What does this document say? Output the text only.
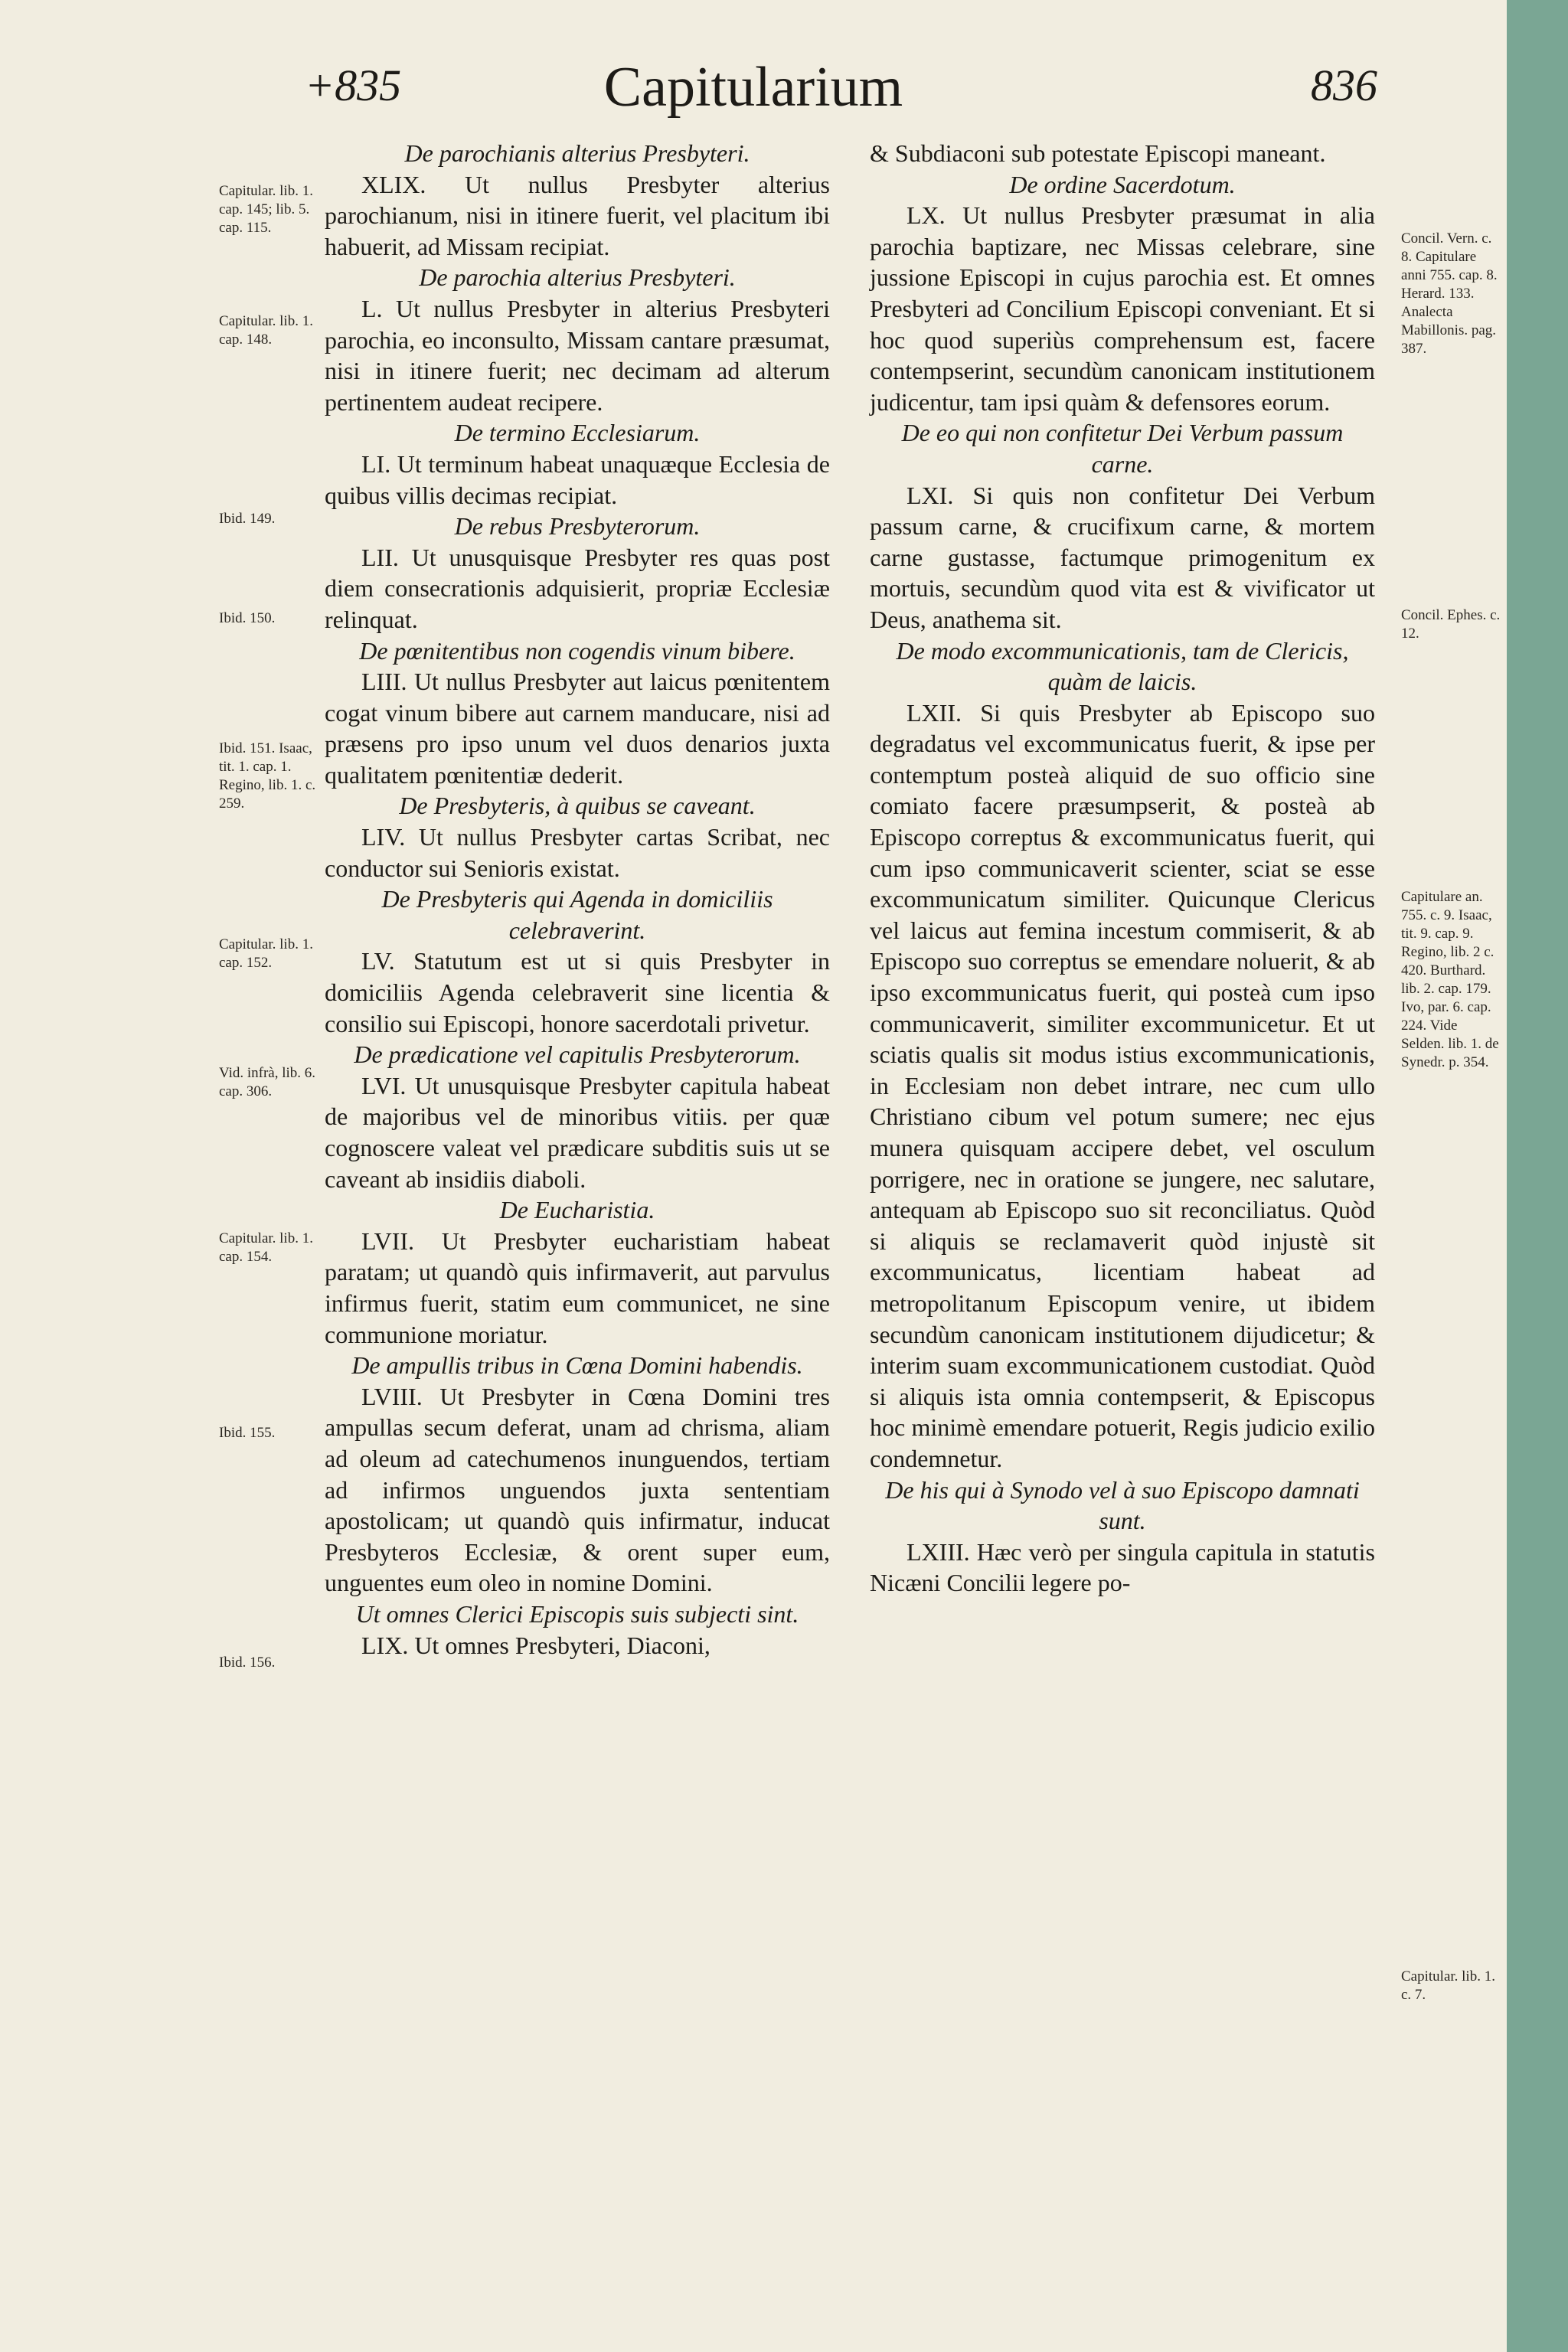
+835	Capitularium	836
De parochianis alterius Presbyteri.

XLIX. Ut nullus Presbyter alterius parochianum, nisi in itinere fuerit, vel placitum ibi habuerit, ad Missam recipiat.

De parochia alterius Presbyteri.

L. Ut nullus Presbyter in alterius Presbyteri parochia, eo inconsulto, Missam cantare præsumat, nisi in itinere fuerit; nec decimam ad alterum pertinentem audeat recipere.

De termino Ecclesiarum.

LI. Ut terminum habeat unaquæque Ecclesia de quibus villis decimas recipiat.

De rebus Presbyterorum.

LII. Ut unusquisque Presbyter res quas post diem consecrationis adquisierit, propriæ Ecclesiæ relinquat.

De pœnitentibus non cogendis vinum bibere.

LIII. Ut nullus Presbyter aut laicus pœnitentem cogat vinum bibere aut carnem manducare, nisi ad præsens pro ipso unum vel duos denarios juxta qualitatem pœnitentiæ dederit.

De Presbyteris, à quibus se caveant.

LIV. Ut nullus Presbyter cartas Scribat, nec conductor sui Senioris existat.

De Presbyteris qui Agenda in domiciliis celebraverint.

LV. Statutum est ut si quis Presbyter in domiciliis Agenda celebraverit sine licentia & consilio sui Episcopi, honore sacerdotali privetur.

De prædicatione vel capitulis Presbyterorum.

LVI. Ut unusquisque Presbyter capitula habeat de majoribus vel de minoribus vitiis. per quæ cognoscere valeat vel prædicare subditis suis ut se caveant ab insidiis diaboli.

De Eucharistia.

LVII. Ut Presbyter eucharistiam habeat paratam; ut quandò quis infirmaverit, aut parvulus infirmus fuerit, statim eum communicet, ne sine communione moriatur.

De ampullis tribus in Cœna Domini habendis.

LVIII. Ut Presbyter in Cœna Domini tres ampullas secum deferat, unam ad chrismа, aliam ad oleum ad catechumenos inunguendos, tertiam ad infirmos unguendos juxta sententiam apostolicam; ut quandò quis infirmatur, inducat Presbyteros Ecclesiæ, & orent super eum, unguentes eum oleo in nomine Domini.

Ut omnes Clerici Episcopis suis subjecti sint.

LIX. Ut omnes Presbyteri, Diaconi,

& Subdiaconi sub potestate Episcopi maneant.

De ordine Sacerdotum.

LX. Ut nullus Presbyter præsumat in alia parochia baptizare, nec Missas celebrare, sine jussione Episcopi in cujus parochia est. Et omnes Presbyteri ad Concilium Episcopi conveniant. Et si hoc quod superiùs comprehensum est, facere contempserint, secundùm canonicam institutionem judicentur, tam ipsi quàm & defensores eorum.

De eo qui non confitetur Dei Verbum passum carne.

LXI. Si quis non confitetur Dei Verbum passum carne, & crucifixum carne, & mortem carne gustasse, factumque primogenitum ex mortuis, secundùm quod vita est & vivificator ut Deus, anathema sit.

De modo excommunicationis, tam de Clericis, quàm de laicis.

LXII. Si quis Presbyter ab Episcopo suo degradatus vel excommunicatus fuerit, & ipse per contemptum posteà aliquid de suo officio sine comiato facere præsumpserit, & posteà ab Episcopo correptus & excommunicatus fuerit, qui cum ipso communicaverit scienter, sciat se esse excommunicatum similiter. Quicunque Clericus vel laicus aut femina incestum commiserit, & ab Episcopo suo correptus se emendare noluerit, & ab ipso excommunicatus fuerit, qui posteà cum ipso communicaverit, similiter excommunicetur. Et ut sciatis qualis sit modus istius excommunicationis, in Ecclesiam non debet intrare, nec cum ullo Christiano cibum vel potum sumere; nec ejus munera quisquam accipere debet, vel osculum porrigere, nec in oratione se jungere, nec salutare, antequam ab Episcopo suo sit reconciliatus. Quòd si aliquis se reclamaverit quòd injustè sit excommunicatus, licentiam habeat ad metropolitanum Episcopum venire, ut ibidem secundùm canonicam institutionem dijudicetur; & interim suam excommunicationem custodiat. Quòd si aliquis ista omnia contempserit, & Episcopus hoc minimè emendare potuerit, Regis judicio exilio condemnetur.

De his qui à Synodo vel à suo Episcopo damnati sunt.

LXIII. Hæc verò per singula capitula in statutis Nicæni Concilii legere po-

Capitular. lib. 1. cap. 145; lib. 5. cap. 115.
Capitular. lib. 1. cap. 148.
Ibid. 149.
Ibid. 150.
Ibid. 151. Isaac, tit. 1. cap. 1. Regino, lib. 1. c. 259.
Capitular. lib. 1. cap. 152.
Vid. infrà, lib. 6. cap. 306.
Capitular. lib. 1. cap. 154.
Ibid. 155.
Ibid. 156.
Concil. Vern. c. 8. Capitulare anni 755. cap. 8. Herard. 133. Analecta Mabillonis. pag. 387.
Concil. Ephes. c. 12.
Capitulare an. 755. c. 9. Isaac, tit. 9. cap. 9. Regino, lib. 2 c. 420. Burthard. lib. 2. cap. 179. Ivo, par. 6. cap. 224. Vide Selden. lib. 1. de Synedr. p. 354.
Capitular. lib. 1. c. 7.
